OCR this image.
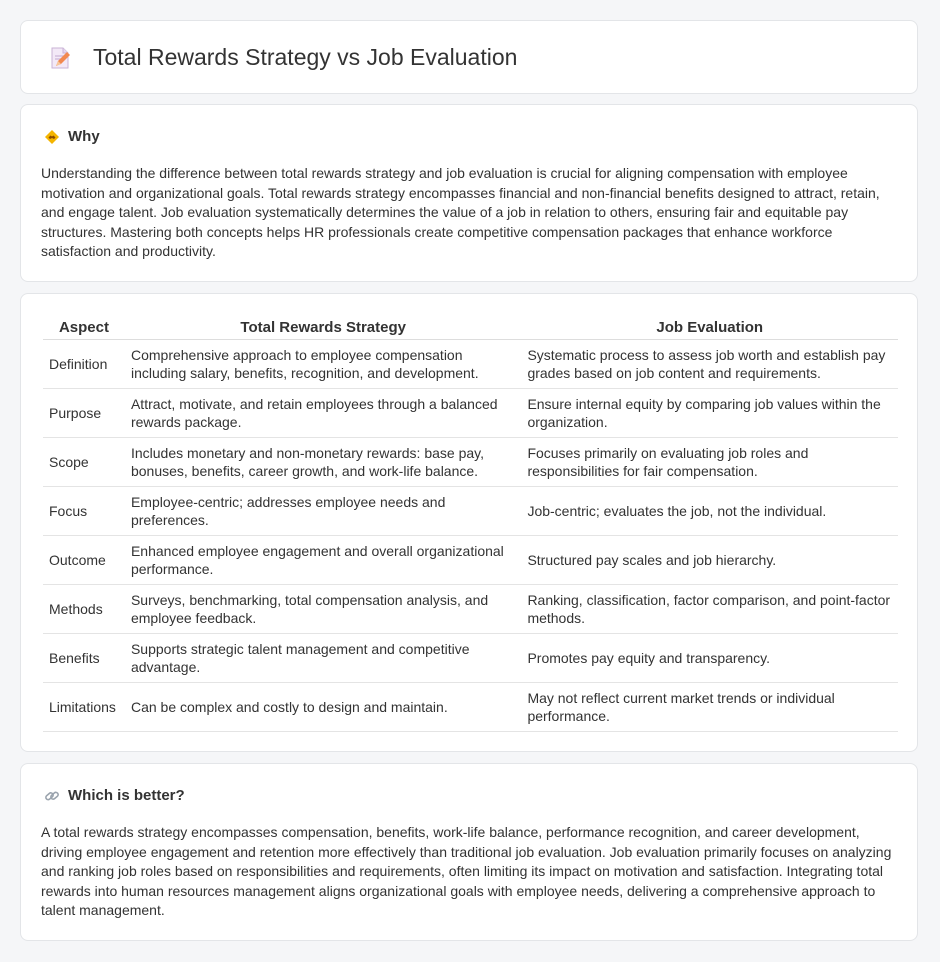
Total Rewards Strategy vs Job Evaluation
Why

Understanding the difference between total rewards strategy and job evaluation is crucial for aligning compensation with employee motivation and organizational goals. Total rewards strategy encompasses financial and non-financial benefits designed to attract, retain, and engage talent. Job evaluation systematically determines the value of a job in relation to others, ensuring fair and equitable pay structures. Mastering both concepts helps HR professionals create competitive compensation packages that enhance workforce satisfaction and productivity.

Aspect	Total Rewards Strategy	Job Evaluation
Definition	Comprehensive approach to employee compensation including salary, benefits, recognition, and development.	Systematic process to assess job worth and establish pay grades based on job content and requirements.
Purpose	Attract, motivate, and retain employees through a balanced rewards package.	Ensure internal equity by comparing job values within the organization.
Scope	Includes monetary and non-monetary rewards: base pay, bonuses, benefits, career growth, and work-life balance.	Focuses primarily on evaluating job roles and responsibilities for fair compensation.
Focus	Employee-centric; addresses employee needs and preferences.	Job-centric; evaluates the job, not the individual.
Outcome	Enhanced employee engagement and overall organizational performance.	Structured pay scales and job hierarchy.
Methods	Surveys, benchmarking, total compensation analysis, and employee feedback.	Ranking, classification, factor comparison, and point-factor methods.
Benefits	Supports strategic talent management and competitive advantage.	Promotes pay equity and transparency.
Limitations	Can be complex and costly to design and maintain.	May not reflect current market trends or individual performance.
Which is better?

A total rewards strategy encompasses compensation, benefits, work-life balance, performance recognition, and career development, driving employee engagement and retention more effectively than traditional job evaluation. Job evaluation primarily focuses on analyzing and ranking job roles based on responsibilities and requirements, often limiting its impact on motivation and satisfaction. Integrating total rewards into human resources management aligns organizational goals with employee needs, delivering a comprehensive approach to talent management.
